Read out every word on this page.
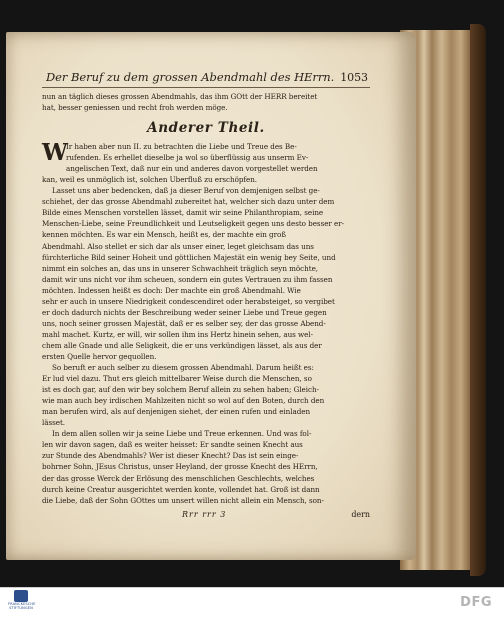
Der Beruf zu dem grossen Abendmahl des HErrn. 1053
nun an täglich dieses grossen Abendmahls, das ihm GOtt der HERR bereitet
hat, besser geniessen und recht froh werden möge.
Anderer Theil.
W
Ir haben aber nun II. zu betrachten die Liebe und Treue des Be-
rufenden. Es erhellet dieselbe ja wol so überflüssig aus unserm Ev-
angelischen Text, daß nur ein und anderes davon vorgestellet werden
kan, weil es unmöglich ist, solchen Uberfluß zu erschöpfen.
Lasset uns aber bedencken, daß ja dieser Beruf von demjenigen selbst ge-
schiehet, der das grosse Abendmahl zubereitet hat, welcher sich dazu unter dem
Bilde eines Menschen vorstellen lässet, damit wir seine Philanthropiam, seine
Menschen-Liebe, seine Freundlichkeit und Leutseligkeit gegen uns desto besser er-
kennen möchten. Es war ein Mensch, heißt es, der machte ein groß
Abendmahl. Also stellet er sich dar als unser einer, leget gleichsam das uns
fürchterliche Bild seiner Hoheit und göttlichen Majestät ein wenig bey Seite, und
nimmt ein solches an, das uns in unserer Schwachheit träglich seyn möchte,
damit wir uns nicht vor ihm scheuen, sondern ein gutes Vertrauen zu ihm fassen
möchten. Indessen heißt es doch: Der machte ein groß Abendmahl. Wie
sehr er auch in unsere Niedrigkeit condescendiret oder herabsteiget, so vergibet
er doch dadurch nichts der Beschreibung weder seiner Liebe und Treue gegen
uns, noch seiner grossen Majestät, daß er es selber sey, der das grosse Abend-
mahl machet. Kurtz, er will, wir sollen ihm ins Hertz hinein sehen, aus wel-
chem alle Gnade und alle Seligkeit, die er uns verkündigen lässet, als aus der
ersten Quelle hervor gequollen.
So beruft er auch selber zu diesem grossen Abendmahl. Darum heißt es:
Er lud viel dazu. Thut ers gleich mittelbarer Weise durch die Menschen, so
ist es doch gar, auf den wir bey solchem Beruf allein zu sehen haben; Gleich-
wie man auch bey irdischen Mahlzeiten nicht so wol auf den Boten, durch den
man berufen wird, als auf denjenigen siehet, der einen rufen und einladen
lässet.
In dem allen sollen wir ja seine Liebe und Treue erkennen. Und was fol-
len wir davon sagen, daß es weiter heisset: Er sandte seinen Knecht aus
zur Stunde des Abendmahls? Wer ist dieser Knecht? Das ist sein einge-
bohrner Sohn, JEsus Christus, unser Heyland, der grosse Knecht des HErrn,
der das grosse Werck der Erlösung des menschlichen Geschlechts, welches
durch keine Creatur ausgerichtet werden konte, vollendet hat. Groß ist dann
die Liebe, daß der Sohn GOttes um unsert willen nicht allein ein Mensch, son-
Rrr rrr 3	dern
FRANCKESCHE STIFTUNGEN	DFG
